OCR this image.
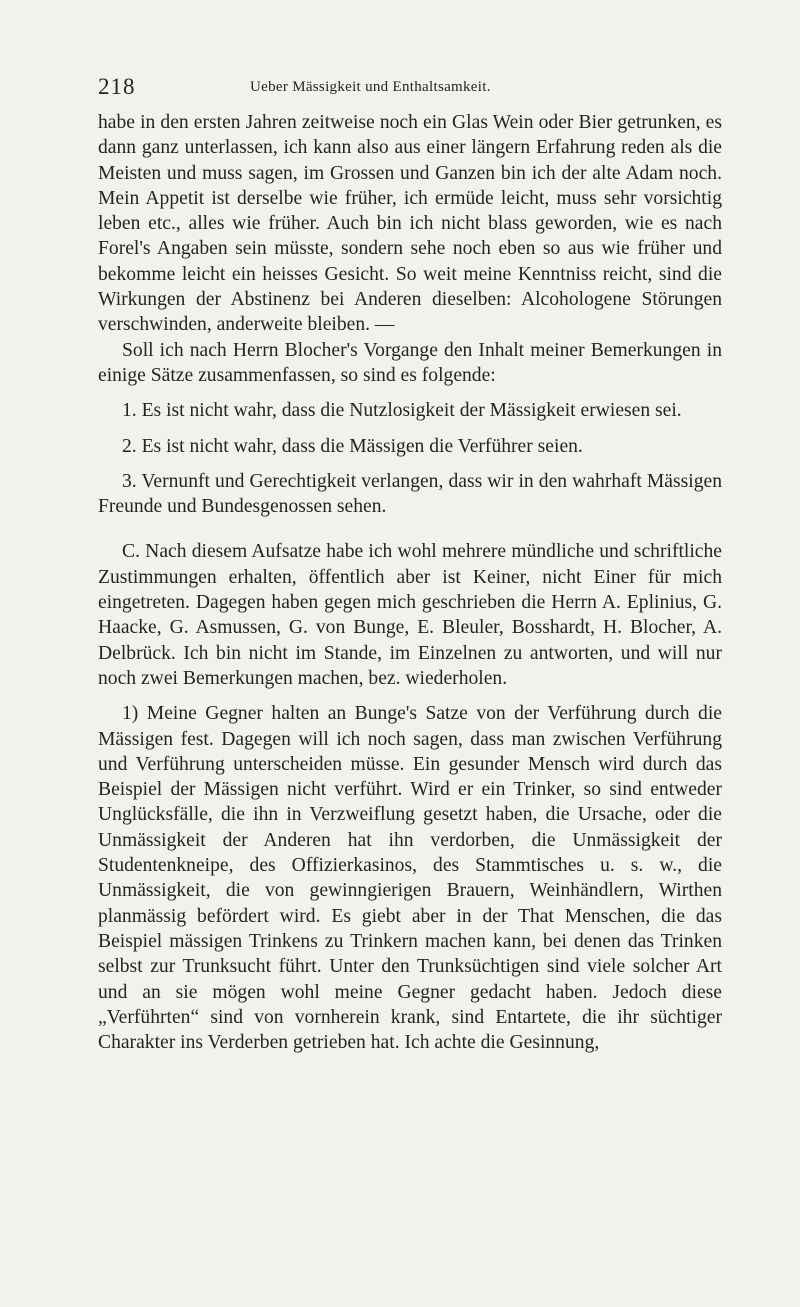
218	Ueber Mässigkeit und Enthaltsamkeit.

habe in den ersten Jahren zeitweise noch ein Glas Wein oder Bier getrunken, es dann ganz unterlassen, ich kann also aus einer längern Erfahrung reden als die Meisten und muss sagen, im Grossen und Ganzen bin ich der alte Adam noch. Mein Appetit ist derselbe wie früher, ich ermüde leicht, muss sehr vorsichtig leben etc., alles wie früher. Auch bin ich nicht blass geworden, wie es nach Forel's Angaben sein müsste, sondern sehe noch eben so aus wie früher und bekomme leicht ein heisses Gesicht. So weit meine Kenntniss reicht, sind die Wirkungen der Abstinenz bei Anderen dieselben: Alcohologene Störungen verschwinden, anderweite bleiben. —

Soll ich nach Herrn Blocher's Vorgange den Inhalt meiner Bemerkungen in einige Sätze zusammenfassen, so sind es folgende:

1. Es ist nicht wahr, dass die Nutzlosigkeit der Mässigkeit erwiesen sei.

2. Es ist nicht wahr, dass die Mässigen die Verführer seien.

3. Vernunft und Gerechtigkeit verlangen, dass wir in den wahrhaft Mässigen Freunde und Bundesgenossen sehen.

C. Nach diesem Aufsatze habe ich wohl mehrere mündliche und schriftliche Zustimmungen erhalten, öffentlich aber ist Keiner, nicht Einer für mich eingetreten. Dagegen haben gegen mich geschrieben die Herrn A. Eplinius, G. Haacke, G. Asmussen, G. von Bunge, E. Bleuler, Bosshardt, H. Blocher, A. Delbrück. Ich bin nicht im Stande, im Einzelnen zu antworten, und will nur noch zwei Bemerkungen machen, bez. wiederholen.

1) Meine Gegner halten an Bunge's Satze von der Verführung durch die Mässigen fest. Dagegen will ich noch sagen, dass man zwischen Verführung und Verführung unterscheiden müsse. Ein gesunder Mensch wird durch das Beispiel der Mässigen nicht verführt. Wird er ein Trinker, so sind entweder Unglücksfälle, die ihn in Verzweiflung gesetzt haben, die Ursache, oder die Unmässigkeit der Anderen hat ihn verdorben, die Unmässigkeit der Studentenkneipe, des Offizierkasinos, des Stammtisches u. s. w., die Unmässigkeit, die von gewinngierigen Brauern, Weinhändlern, Wirthen planmässig befördert wird. Es giebt aber in der That Menschen, die das Beispiel mässigen Trinkens zu Trinkern machen kann, bei denen das Trinken selbst zur Trunksucht führt. Unter den Trunksüchtigen sind viele solcher Art und an sie mögen wohl meine Gegner gedacht haben. Jedoch diese „Verführten“ sind von vornherein krank, sind Entartete, die ihr süchtiger Charakter ins Verderben getrieben hat. Ich achte die Gesinnung,
